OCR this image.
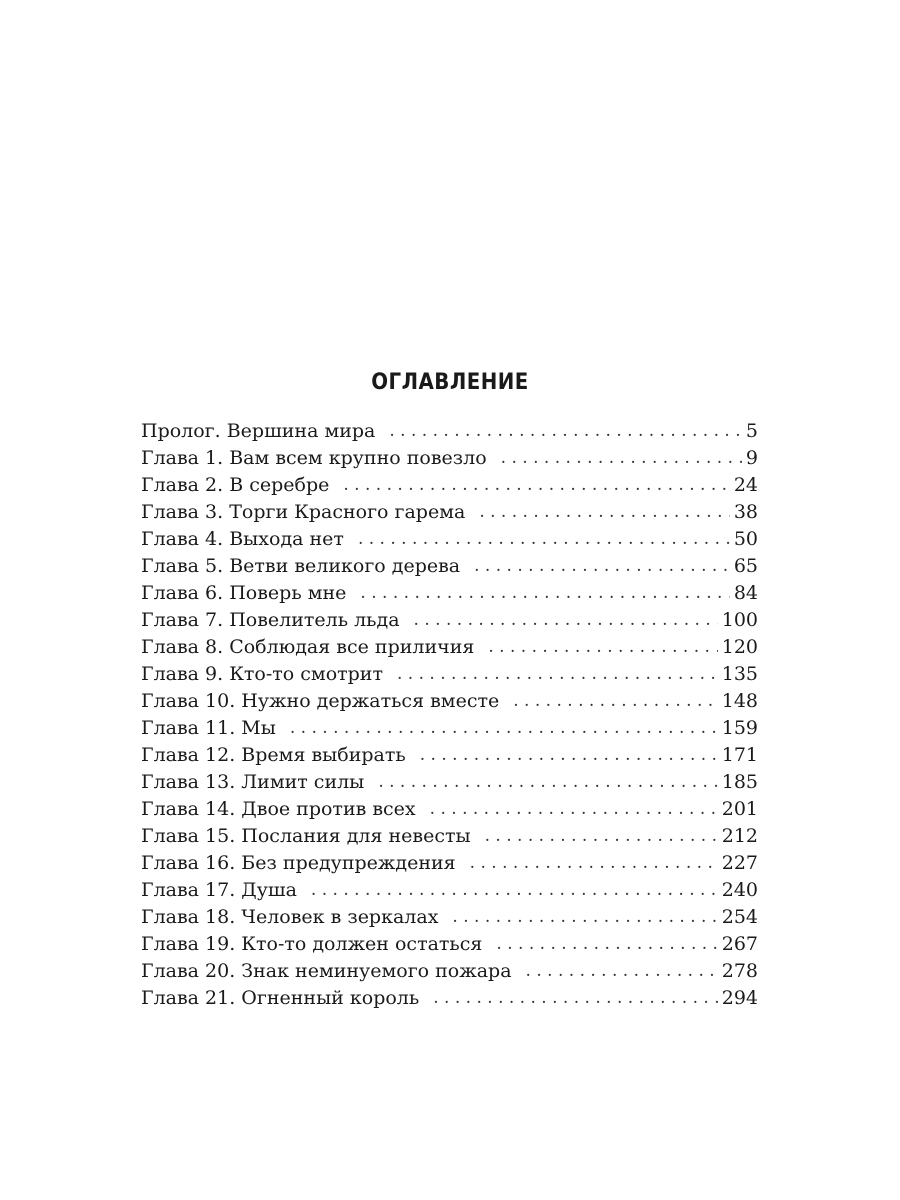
ОГЛАВЛЕНИЕ
Пролог. Вершина мира . . .	5
Глава 1. Вам всем крупно повезло . . .	9
Глава 2. В серебре . . .	24
Глава 3. Торги Красного гарема . . .	38
Глава 4. Выхода нет . . .	50
Глава 5. Ветви великого дерева . . .	65
Глава 6. Поверь мне . . .	84
Глава 7. Повелитель льда . . .	100
Глава 8. Соблюдая все приличия . . .	120
Глава 9. Кто-то смотрит . . .	135
Глава 10. Нужно держаться вместе . . .	148
Глава 11. Мы . . .	159
Глава 12. Время выбирать . . .	171
Глава 13. Лимит силы . . .	185
Глава 14. Двое против всех . . .	201
Глава 15. Послания для невесты . . .	212
Глава 16. Без предупреждения . . .	227
Глава 17. Душа . . .	240
Глава 18. Человек в зеркалах . . .	254
Глава 19. Кто-то должен остаться . . .	267
Глава 20. Знак неминуемого пожара . . .	278
Глава 21. Огненный король . . .	294
